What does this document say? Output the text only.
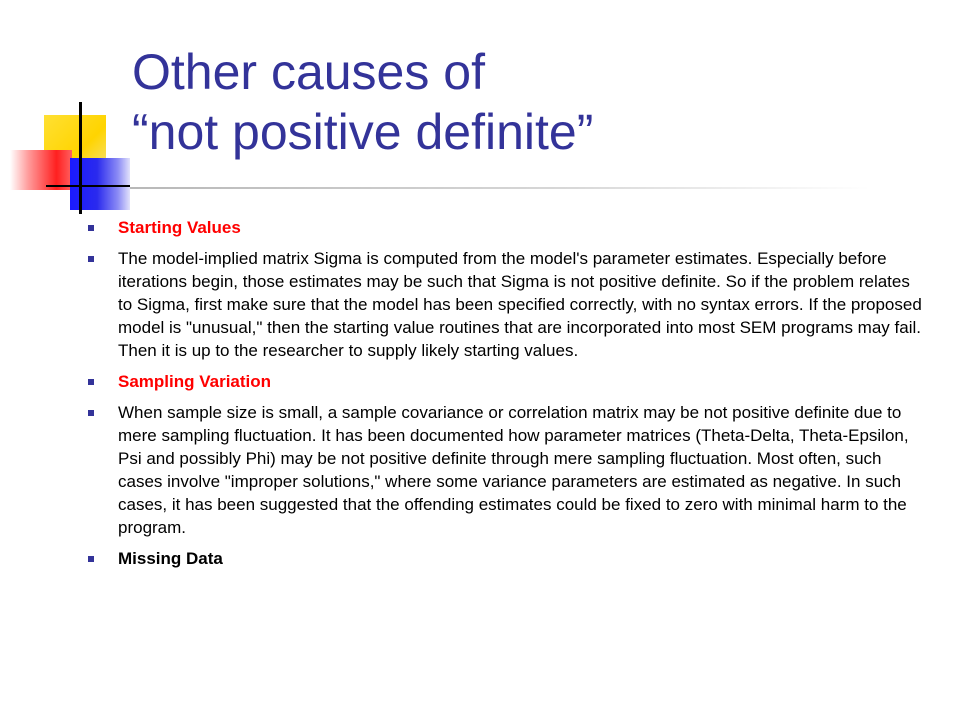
Other causes of
“not positive definite”
Starting Values
The model-implied matrix Sigma is computed from the model's parameter estimates. Especially before iterations begin, those estimates may be such that Sigma is not positive definite. So if the problem relates to Sigma, first make sure that the model has been specified correctly, with no syntax errors. If the proposed model is "unusual," then the starting value routines that are incorporated into most SEM programs may fail. Then it is up to the researcher to supply likely starting values.
Sampling Variation
When sample size is small, a sample covariance or correlation matrix may be not positive definite due to mere sampling fluctuation. It has been documented how parameter matrices (Theta-Delta, Theta-Epsilon, Psi and possibly Phi) may be not positive definite through mere sampling fluctuation. Most often, such cases involve "improper solutions," where some variance parameters are estimated as negative. In such cases, it has been suggested that the offending estimates could be fixed to zero with minimal harm to the program.
Missing Data
